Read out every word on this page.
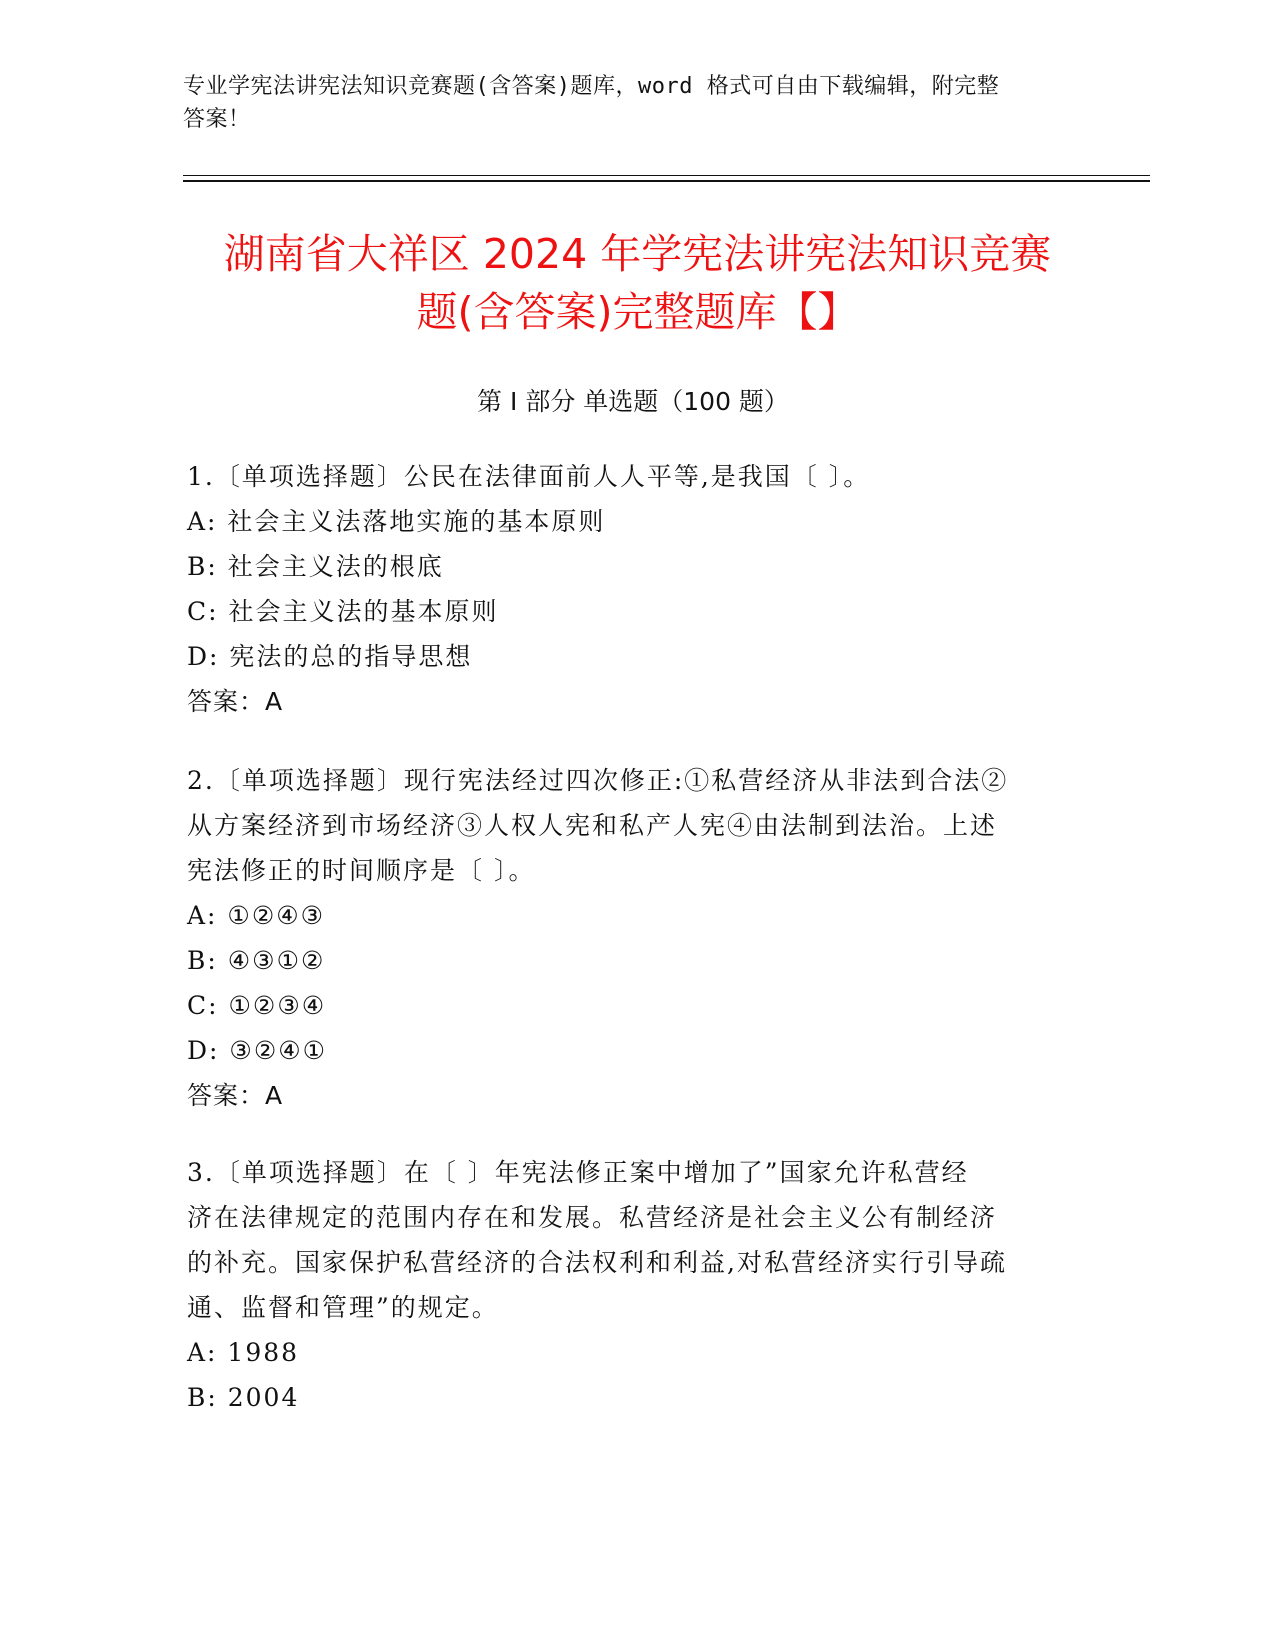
专业学宪法讲宪法知识竞赛题(含答案)题库，word 格式可自由下载编辑，附完整
答案！
湖南省大祥区 2024 年学宪法讲宪法知识竞赛
题(含答案)完整题库【】
第 I 部分 单选题（100 题）
1.〔单项选择题〕公民在法律面前人人平等,是我国〔 〕。
A: 社会主义法落地实施的基本原则
B: 社会主义法的根底
C: 社会主义法的基本原则
D: 宪法的总的指导思想
答案：A
2.〔单项选择题〕现行宪法经过四次修正:①私营经济从非法到合法②
从方案经济到市场经济③人权人宪和私产人宪④由法制到法治。上述
宪法修正的时间顺序是〔 〕。
A: ①②④③
B: ④③①②
C: ①②③④
D: ③②④①
答案：A
3.〔单项选择题〕在〔 〕年宪法修正案中增加了”国家允许私营经
济在法律规定的范围内存在和发展。私营经济是社会主义公有制经济
的补充。国家保护私营经济的合法权利和利益,对私营经济实行引导疏
通、监督和管理”的规定。
A: 1988
B: 2004
